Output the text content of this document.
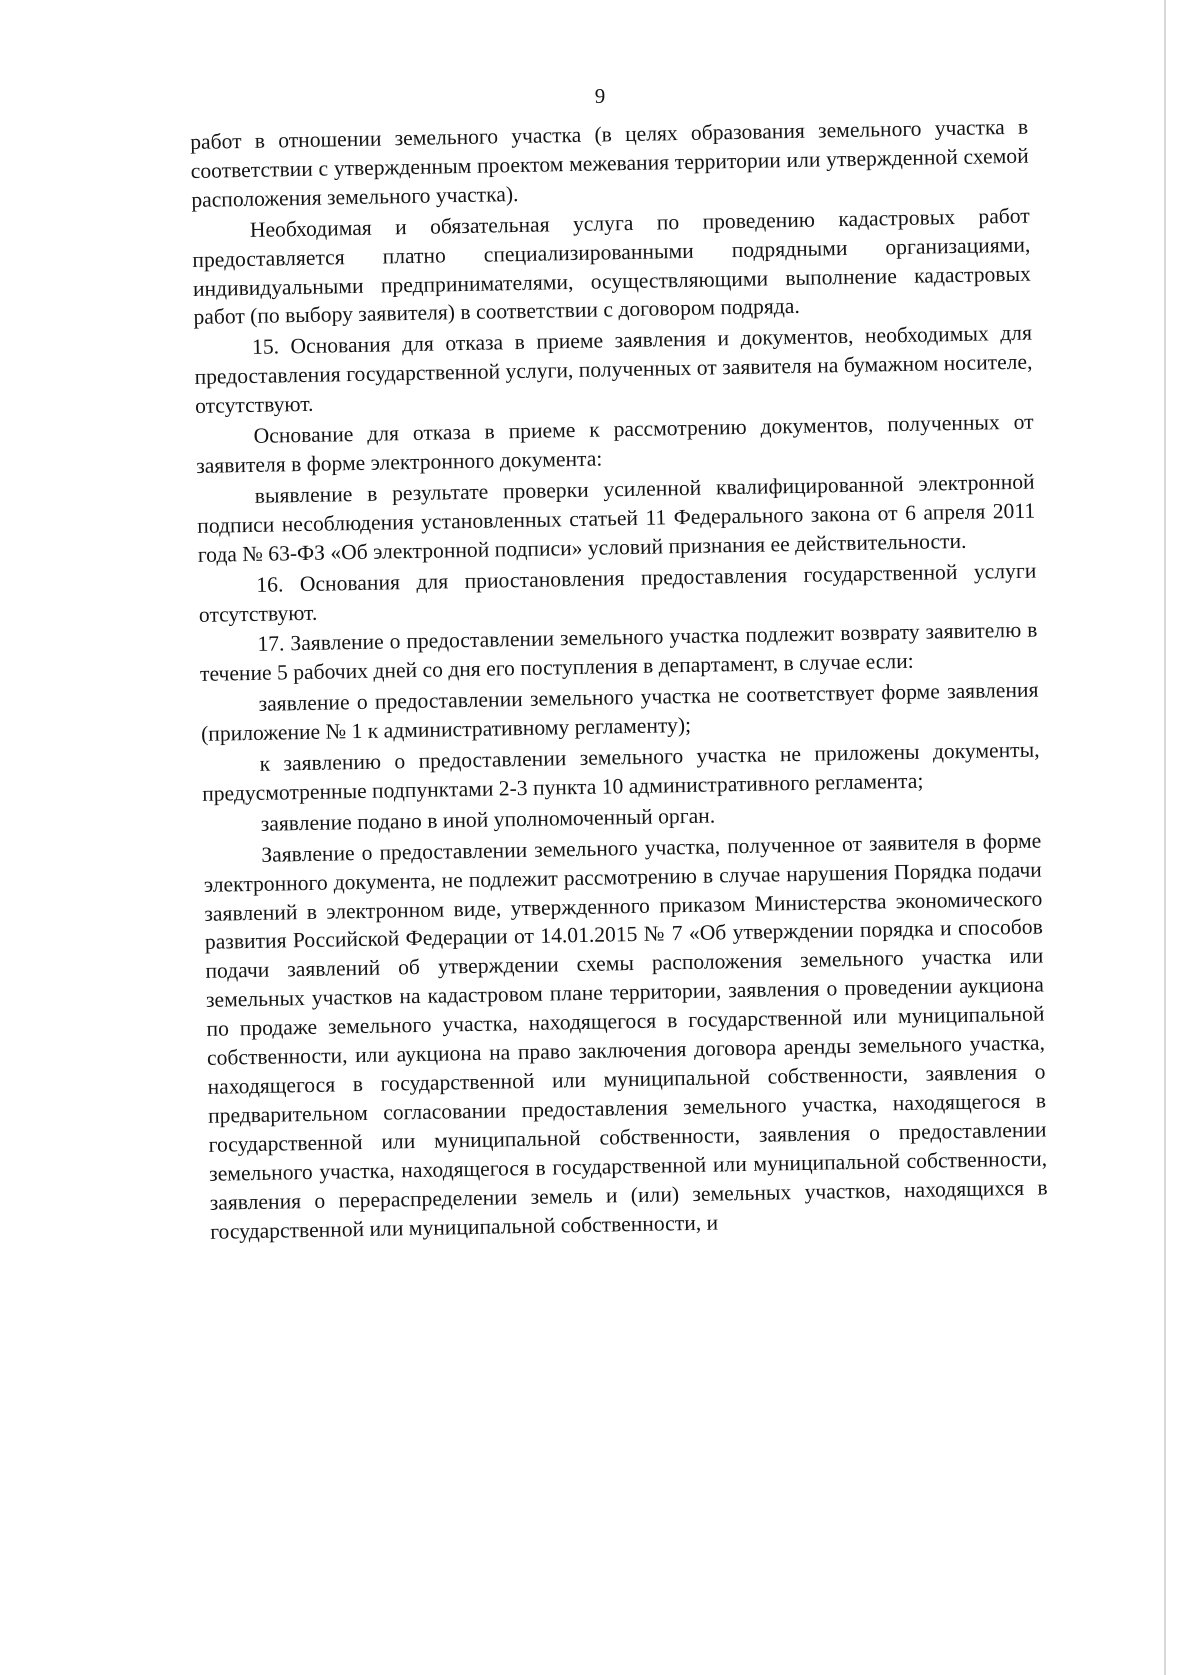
9

работ в отношении земельного участка (в целях образования земельного участка в соответствии с утвержденным проектом межевания территории или утвержденной схемой расположения земельного участка).

Необходимая и обязательная услуга по проведению кадастровых работ предоставляется платно специализированными подрядными организациями, индивидуальными предпринимателями, осуществляющими выполнение кадастровых работ (по выбору заявителя) в соответствии с договором подряда.

15. Основания для отказа в приеме заявления и документов, необходимых для предоставления государственной услуги, полученных от заявителя на бумажном носителе, отсутствуют.

Основание для отказа в приеме к рассмотрению документов, полученных от заявителя в форме электронного документа:

выявление в результате проверки усиленной квалифицированной электронной подписи несоблюдения установленных статьей 11 Федерального закона от 6 апреля 2011 года № 63-ФЗ «Об электронной подписи» условий признания ее действительности.

16. Основания для приостановления предоставления государственной услуги отсутствуют.

17. Заявление о предоставлении земельного участка подлежит возврату заявителю в течение 5 рабочих дней со дня его поступления в департамент, в случае если:

заявление о предоставлении земельного участка не соответствует форме заявления (приложение № 1 к административному регламенту);

к заявлению о предоставлении земельного участка не приложены документы, предусмотренные подпунктами 2-3 пункта 10 административного регламента;

заявление подано в иной уполномоченный орган.

Заявление о предоставлении земельного участка, полученное от заявителя в форме электронного документа, не подлежит рассмотрению в случае нарушения Порядка подачи заявлений в электронном виде, утвержденного приказом Министерства экономического развития Российской Федерации от 14.01.2015 № 7 «Об утверждении порядка и способов подачи заявлений об утверждении схемы расположения земельного участка или земельных участков на кадастровом плане территории, заявления о проведении аукциона по продаже земельного участка, находящегося в государственной или муниципальной собственности, или аукциона на право заключения договора аренды земельного участка, находящегося в государственной или муниципальной собственности, заявления о предварительном согласовании предоставления земельного участка, находящегося в государственной или муниципальной собственности, заявления о предоставлении земельного участка, находящегося в государственной или муниципальной собственности, заявления о перераспределении земель и (или) земельных участков, находящихся в государственной или муниципальной собственности, и
